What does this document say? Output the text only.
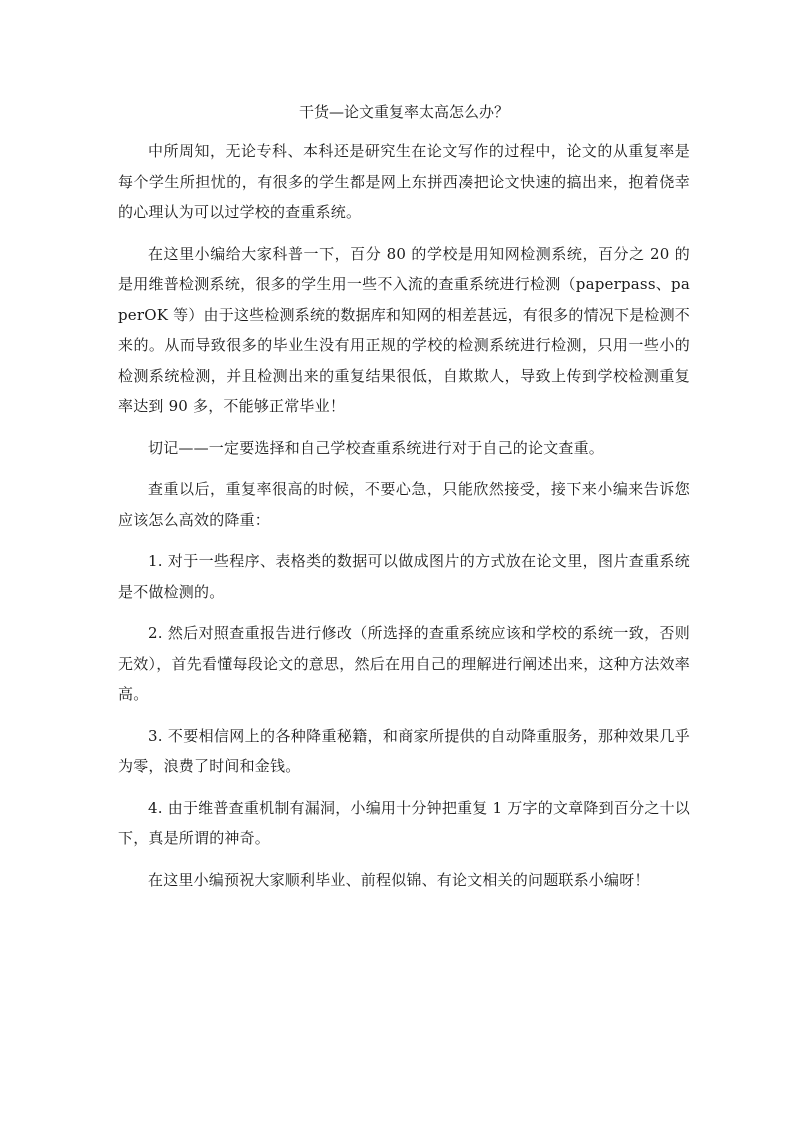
干货—论文重复率太高怎么办？

中所周知，无论专科、本科还是研究生在论文写作的过程中，论文的从重复率是每个学生所担忧的，有很多的学生都是网上东拼西凑把论文快速的搞出来，抱着侥幸的心理认为可以过学校的查重系统。

在这里小编给大家科普一下，百分 80 的学校是用知网检测系统，百分之 20 的是用维普检测系统，很多的学生用一些不入流的查重系统进行检测（paperpass、paperOK 等）由于这些检测系统的数据库和知网的相差甚远，有很多的情况下是检测不来的。从而导致很多的毕业生没有用正规的学校的检测系统进行检测，只用一些小的检测系统检测，并且检测出来的重复结果很低，自欺欺人，导致上传到学校检测重复率达到 90 多，不能够正常毕业！

切记——一定要选择和自己学校查重系统进行对于自己的论文查重。

查重以后，重复率很高的时候，不要心急，只能欣然接受，接下来小编来告诉您应该怎么高效的降重：

1. 对于一些程序、表格类的数据可以做成图片的方式放在论文里，图片查重系统是不做检测的。

2. 然后对照查重报告进行修改（所选择的查重系统应该和学校的系统一致，否则无效），首先看懂每段论文的意思，然后在用自己的理解进行阐述出来，这种方法效率高。

3. 不要相信网上的各种降重秘籍，和商家所提供的自动降重服务，那种效果几乎为零，浪费了时间和金钱。

4. 由于维普查重机制有漏洞，小编用十分钟把重复 1 万字的文章降到百分之十以下，真是所谓的神奇。

在这里小编预祝大家顺利毕业、前程似锦、有论文相关的问题联系小编呀！
